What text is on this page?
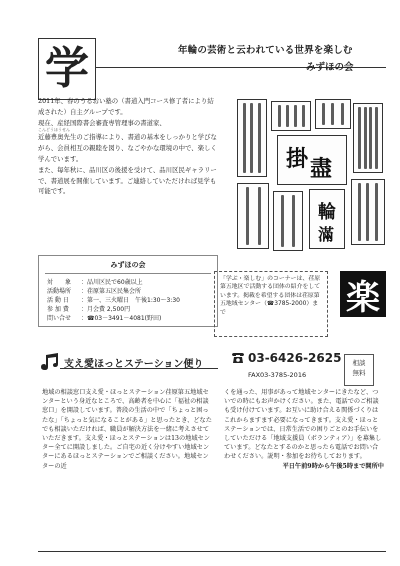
学	年輪の芸術と云われている世界を楽しむ
みずほの会

2011年、春のうるおい塾の（書道入門コース修了者により結成された）自主グループです。

現在、産経国際書会審査専管理事の書道家、

こんどうほうせん

近藤豊奥先生のご指導により、書道の基本をしっかりと学びながら、会員相互の親睦を図り、なごやかな環境の中で、楽しく学んでいます。

また、毎年秋に、品川区の後援を受けて、品川区民ギャラリーで、書道展を開催しています。ご連絡していただければ見学も可能です。

みずほの会
対　　象	： 品川区民で60歳以上
活動場所	： 荏原第五区民集会所
活 動 日	： 第一、三火曜日　午後1:30～3:30
参 加 費	： 月会費 2,500円
問い合せ	： ☎03－3491－4081(野田)
掛 盡
輪
滿
「学ぶ・楽しむ」のコーナーは、荏原第五地区で活動する団体の紹介をしています。掲載を希望する団体は荏原第五地域センター（☎3785-2000）まで	楽
支え愛ほっとステーション便り	03-6426-2625
FAX03-3785-2016
相談
無料
地域の相談窓口支え愛・ほっとステーション荏原第五地域センターという身近なところで、高齢者を中心に「福祉の相談窓口」を開設しています。普段の生活の中で「ちょっと困ったな」「ちょっと気になることがある」と思ったとき、どなたでも相談いただければ、職員が解決方法を一緒に考えさせていただきます。支え愛・ほっとステーションは13の地域センター全てに開設しました。ご自宅の近く分けやすい地域センターにあるほっとステーションでご相談ください。地域センターの近
くを通った、用事があって地域センターにきたなど、ついでの時にもお声かけください。また、電話でのご相談も受け付けています。お互いに助け合える関係づくりはこれからますます必要になってきます。支え愛・ほっとステーションでは、日常生活での困りごとのお手伝いをしていただける「地域支援員（ボランティア）」を募集しています。どなたとするのかと思ったら電話でお問い合わせください。説明・参加をお待ちしております。
平日午前9時から午後5時まで開所中
